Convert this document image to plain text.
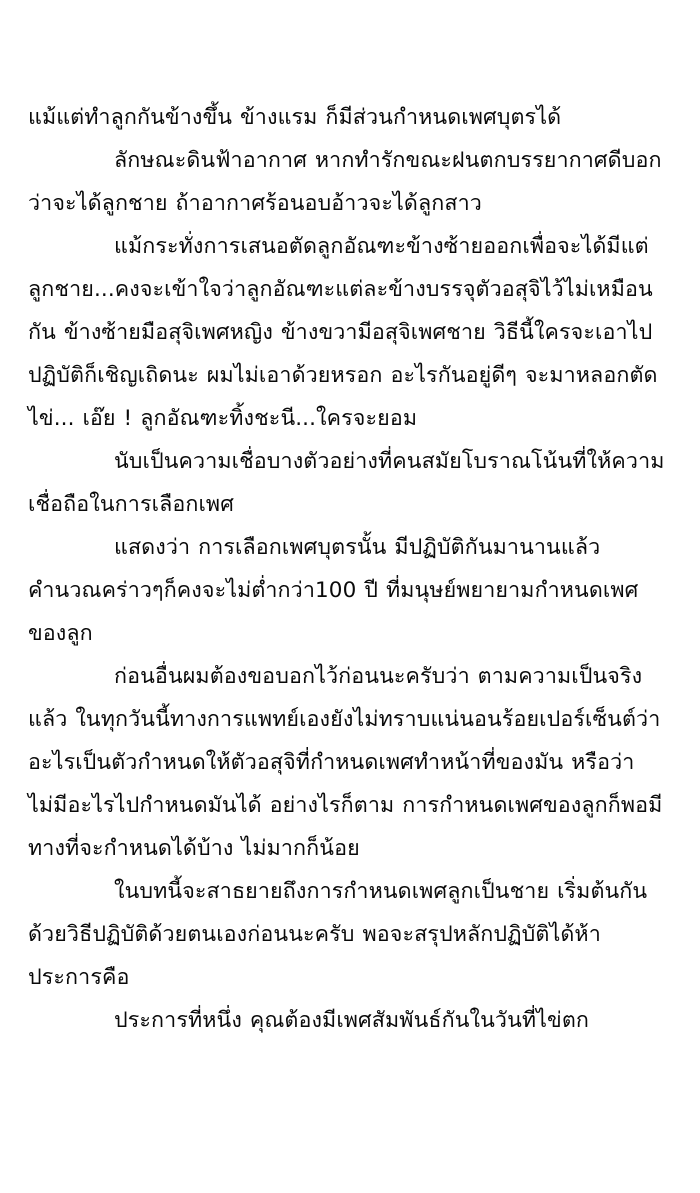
แม้แต่ทำลูกกันข้างขึ้น ข้างแรม ก็มีส่วนกำหนดเพศบุตรได้

ลักษณะดินฟ้าอากาศ หากทำรักขณะฝนตกบรรยากาศดีบอกว่าจะได้ลูกชาย ถ้าอากาศร้อนอบอ้าวจะได้ลูกสาว

แม้กระทั่งการเสนอตัดลูกอัณฑะข้างซ้ายออกเพื่อจะได้มีแต่ลูกชาย...คงจะเข้าใจว่าลูกอัณฑะแต่ละข้างบรรจุตัวอสุจิไว้ไม่เหมือนกัน ข้างซ้ายมือสุจิเพศหญิง ข้างขวามีอสุจิเพศชาย วิธีนี้ใครจะเอาไปปฏิบัติก็เชิญเถิดนะ ผมไม่เอาด้วยหรอก อะไรกันอยู่ดีๆ จะมาหลอกตัดไข่... เอ๊ย ! ลูกอัณฑะทิ้งชะนี...ใครจะยอม

นับเป็นความเชื่อบางตัวอย่างที่คนสมัยโบราณโน้นที่ให้ความเชื่อถือในการเลือกเพศ

แสดงว่า การเลือกเพศบุตรนั้น มีปฏิบัติกันมานานแล้ว คำนวณคร่าวๆก็คงจะไม่ต่ำกว่า100 ปี ที่มนุษย์พยายามกำหนดเพศของลูก

ก่อนอื่นผมต้องขอบอกไว้ก่อนนะครับว่า ตามความเป็นจริงแล้ว ในทุกวันนี้ทางการแพทย์เองยังไม่ทราบแน่นอนร้อยเปอร์เซ็นต์ว่า อะไรเป็นตัวกำหนดให้ตัวอสุจิที่กำหนดเพศทำหน้าที่ของมัน หรือว่าไม่มีอะไรไปกำหนดมันได้ อย่างไรก็ตาม การกำหนดเพศของลูกก็พอมีทางที่จะกำหนดได้บ้าง ไม่มากก็น้อย

ในบทนี้จะสาธยายถึงการกำหนดเพศลูกเป็นชาย เริ่มต้นกันด้วยวิธีปฏิบัติด้วยตนเองก่อนนะครับ พอจะสรุปหลักปฏิบัติได้ห้าประการคือ

ประการที่หนึ่ง คุณต้องมีเพศสัมพันธ์กันในวันที่ไข่ตก
